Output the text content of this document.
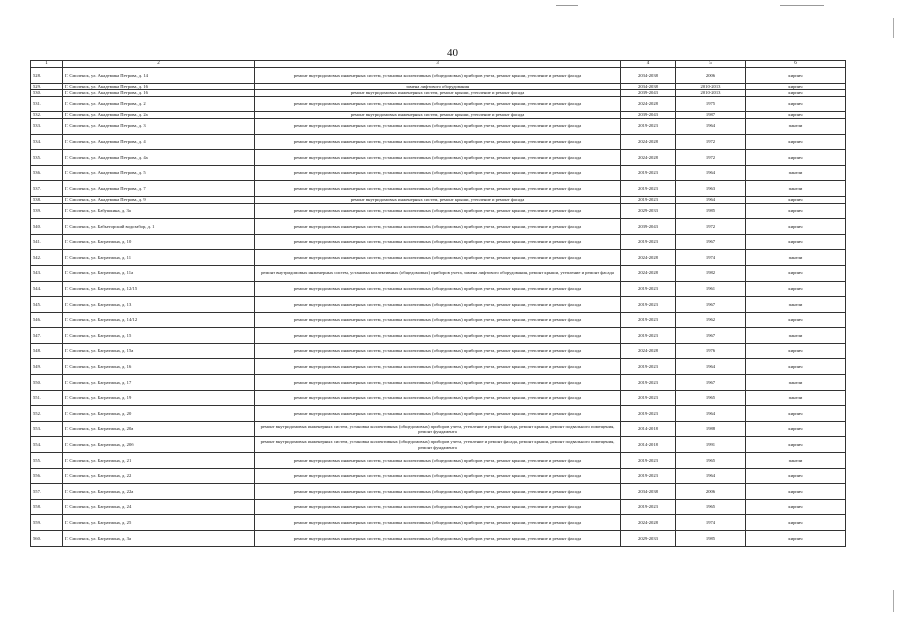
40
1	2	3	4	5	6
528.	Г. Смоленск, ул. Академика Петрова, д. 14	ремонт внутридомовых инженерных систем, установка коллективных (общедомовых) приборов учета, ремонт крыши, утепление и ремонт фасада	2034-2038	2006	кирпич
529.	Г. Смоленск, ул. Академика Петрова, д. 16	замена лифтового оборудования	2034-2038	2010-2013	кирпич
530.	Г. Смоленск, ул. Академика Петрова, д. 16	ремонт внутридомовых инженерных систем, ремонт крыши, утепление и ремонт фасада	2039-2043	2010-2013	кирпич
531.	Г. Смоленск, ул. Академика Петрова, д. 2	ремонт внутридомовых инженерных систем, установка коллективных (общедомовых) приборов учета, ремонт крыши, утепление и ремонт фасада	2024-2028	1975	кирпич
532.	Г. Смоленск, ул. Академика Петрова, д. 2а	ремонт внутридомовых инженерных систем, ремонт крыши, утепление и ремонт фасада	2039-2043	1987	кирпич
533.	Г. Смоленск, ул. Академика Петрова, д. 3	ремонт внутридомовых инженерных систем, установка коллективных (общедомовых) приборов учета, ремонт крыши, утепление и ремонт фасада	2019-2023	1964	панели
534.	Г. Смоленск, ул. Академика Петрова, д. 4	ремонт внутридомовых инженерных систем, установка коллективных (общедомовых) приборов учета, ремонт крыши, утепление и ремонт фасада	2024-2028	1972	кирпич
535.	Г. Смоленск, ул. Академика Петрова, д. 4а	ремонт внутридомовых инженерных систем, установка коллективных (общедомовых) приборов учета, ремонт крыши, утепление и ремонт фасада	2024-2028	1972	кирпич
536.	Г. Смоленск, ул. Академика Петрова, д. 5	ремонт внутридомовых инженерных систем, установка коллективных (общедомовых) приборов учета, ремонт крыши, утепление и ремонт фасада	2019-2023	1964	панели
537.	Г. Смоленск, ул. Академика Петрова, д. 7	ремонт внутридомовых инженерных систем, установка коллективных (общедомовых) приборов учета, ремонт крыши, утепление и ремонт фасада	2019-2023	1963	панели
538.	Г. Смоленск, ул. Академика Петрова, д. 9	ремонт внутридомовых инженерных систем, ремонт крыши, утепление и ремонт фасада	2019-2023	1964	кирпич
539.	Г. Смоленск, ул. Бабушкина, д. 3а	ремонт внутридомовых инженерных систем, установка коллективных (общедомовых) приборов учета, ремонт крыши, утепление и ремонт фасада	2029-2033	1985	кирпич
540.	Г. Смоленск, ул. Бабьегорский водозабор, д. 1	ремонт внутридомовых инженерных систем, установка коллективных (общедомовых) приборов учета, ремонт крыши, утепление и ремонт фасада	2039-2043	1972	кирпич
541.	Г. Смоленск, ул. Багратиона, д. 10	ремонт внутридомовых инженерных систем, установка коллективных (общедомовых) приборов учета, ремонт крыши, утепление и ремонт фасада	2019-2023	1967	кирпич
542.	Г. Смоленск, ул. Багратиона, д. 11	ремонт внутридомовых инженерных систем, установка коллективных (общедомовых) приборов учета, ремонт крыши, утепление и ремонт фасада	2024-2028	1974	панели
543.	Г. Смоленск, ул. Багратиона, д. 11а	ремонт внутридомовых инженерных систем, установка коллективных (общедомовых) приборов учета, замена лифтового оборудования, ремонт крыши, утепление и ремонт фасада	2024-2028	1982	кирпич
544.	Г. Смоленск, ул. Багратиона, д. 12/15	ремонт внутридомовых инженерных систем, установка коллективных (общедомовых) приборов учета, ремонт крыши, утепление и ремонт фасада	2019-2023	1961	кирпич
545.	Г. Смоленск, ул. Багратиона, д. 13	ремонт внутридомовых инженерных систем, установка коллективных (общедомовых) приборов учета, ремонт крыши, утепление и ремонт фасада	2019-2023	1967	панели
546.	Г. Смоленск, ул. Багратиона, д. 14/12	ремонт внутридомовых инженерных систем, установка коллективных (общедомовых) приборов учета, ремонт крыши, утепление и ремонт фасада	2019-2023	1962	кирпич
547.	Г. Смоленск, ул. Багратиона, д. 15	ремонт внутридомовых инженерных систем, установка коллективных (общедомовых) приборов учета, ремонт крыши, утепление и ремонт фасада	2019-2023	1967	панели
548.	Г. Смоленск, ул. Багратиона, д. 15а	ремонт внутридомовых инженерных систем, установка коллективных (общедомовых) приборов учета, ремонт крыши, утепление и ремонт фасада	2024-2028	1976	кирпич
549.	Г. Смоленск, ул. Багратиона, д. 16	ремонт внутридомовых инженерных систем, установка коллективных (общедомовых) приборов учета, ремонт крыши, утепление и ремонт фасада	2019-2023	1964	кирпич
550.	Г. Смоленск, ул. Багратиона, д. 17	ремонт внутридомовых инженерных систем, установка коллективных (общедомовых) приборов учета, ремонт крыши, утепление и ремонт фасада	2019-2023	1967	панели
551.	Г. Смоленск, ул. Багратиона, д. 19	ремонт внутридомовых инженерных систем, установка коллективных (общедомовых) приборов учета, ремонт крыши, утепление и ремонт фасада	2019-2023	1965	панели
552.	Г. Смоленск, ул. Багратиона, д. 20	ремонт внутридомовых инженерных систем, установка коллективных (общедомовых) приборов учета, ремонт крыши, утепление и ремонт фасада	2019-2023	1964	кирпич
553.	Г. Смоленск, ул. Багратиона, д. 20а	ремонт внутридомовых инженерных систем, установка коллективных (общедомовых) приборов учета, утепление и ремонт фасада, ремонт крыши, ремонт подвального помещения, ремонт фундамента	2014-2018	1988	кирпич
554.	Г. Смоленск, ул. Багратиона, д. 20б	ремонт внутридомовых инженерных систем, установка коллективных (общедомовых) приборов учета, утепление и ремонт фасада, ремонт крыши, ремонт подвального помещения, ремонт фундамента	2014-2018	1991	кирпич
555.	Г. Смоленск, ул. Багратиона, д. 21	ремонт внутридомовых инженерных систем, установка коллективных (общедомовых) приборов учета, ремонт крыши, утепление и ремонт фасада	2019-2023	1965	панели
556.	Г. Смоленск, ул. Багратиона, д. 22	ремонт внутридомовых инженерных систем, установка коллективных (общедомовых) приборов учета, ремонт крыши, утепление и ремонт фасада	2019-2023	1964	кирпич
557.	Г. Смоленск, ул. Багратиона, д. 22а	ремонт внутридомовых инженерных систем, установка коллективных (общедомовых) приборов учета, ремонт крыши, утепление и ремонт фасада	2034-2038	2006	кирпич
558.	Г. Смоленск, ул. Багратиона, д. 24	ремонт внутридомовых инженерных систем, установка коллективных (общедомовых) приборов учета, ремонт крыши, утепление и ремонт фасада	2019-2023	1965	кирпич
559.	Г. Смоленск, ул. Багратиона, д. 25	ремонт внутридомовых инженерных систем, установка коллективных (общедомовых) приборов учета, ремонт крыши, утепление и ремонт фасада	2024-2028	1974	кирпич
560.	Г. Смоленск, ул. Багратиона, д. 3а	ремонт внутридомовых инженерных систем, установка коллективных (общедомовых) приборов учета, ремонт крыши, утепление и ремонт фасада	2029-2033	1985	кирпич
